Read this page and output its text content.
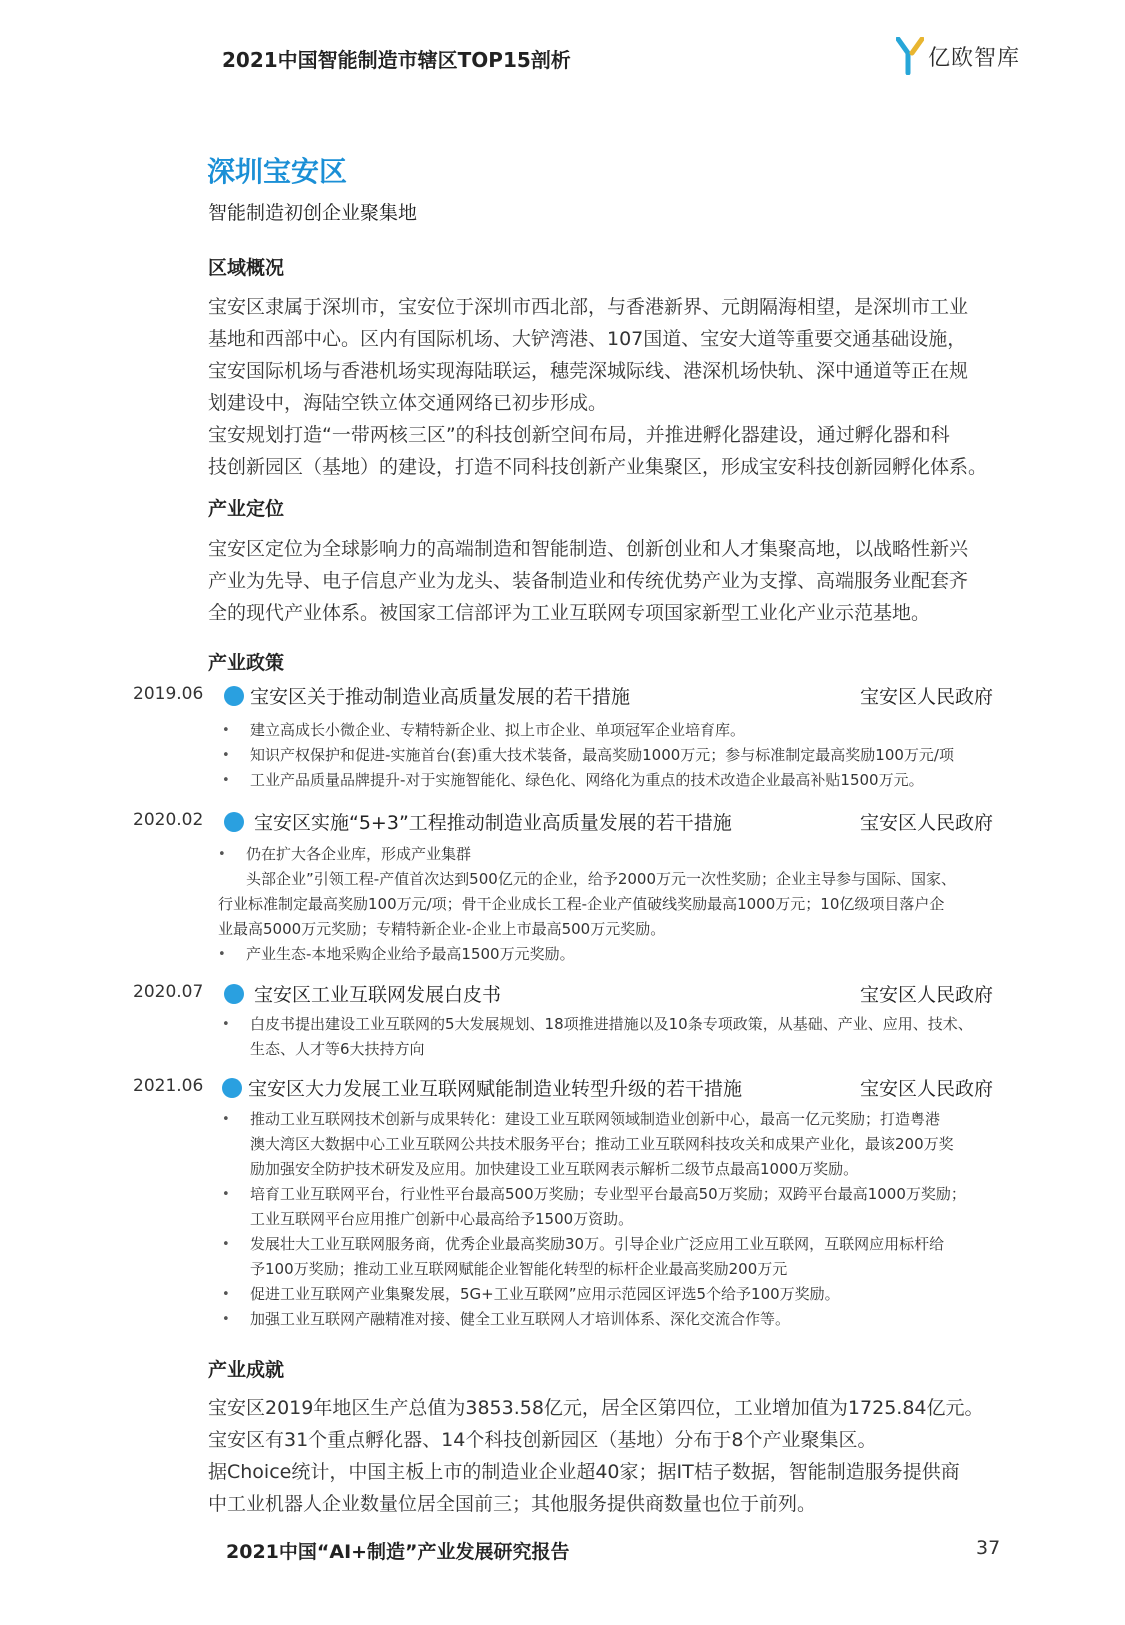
2021中国智能制造市辖区TOP15剖析	亿欧智库
深圳宝安区

智能制造初创企业聚集地

区域概况
宝安区隶属于深圳市，宝安位于深圳市西北部，与香港新界、元朗隔海相望，是深圳市工业
基地和西部中心。区内有国际机场、大铲湾港、107国道、宝安大道等重要交通基础设施，
宝安国际机场与香港机场实现海陆联运，穗莞深城际线、港深机场快轨、深中通道等正在规
划建设中，海陆空铁立体交通网络已初步形成。
宝安规划打造“一带两核三区”的科技创新空间布局，并推进孵化器建设，通过孵化器和科
技创新园区（基地）的建设，打造不同科技创新产业集聚区，形成宝安科技创新园孵化体系。
产业定位
宝安区定位为全球影响力的高端制造和智能制造、创新创业和人才集聚高地，以战略性新兴
产业为先导、电子信息产业为龙头、装备制造业和传统优势产业为支撑、高端服务业配套齐
全的现代产业体系。被国家工信部评为工业互联网专项国家新型工业化产业示范基地。
产业政策
2019.06 宝安区关于推动制造业高质量发展的若干措施	宝安区人民政府
• 建立高成长小微企业、专精特新企业、拟上市企业、单项冠军企业培育库。
• 知识产权保护和促进-实施首台(套)重大技术装备，最高奖励1000万元；参与标准制定最高奖励100万元/项
• 工业产品质量品牌提升-对于实施智能化、绿色化、网络化为重点的技术改造企业最高补贴1500万元。
2020.02	宝安区实施“5+3”工程推动制造业高质量发展的若干措施	宝安区人民政府
• 仍在扩大各企业库，形成产业集群
头部企业”引领工程-产值首次达到500亿元的企业，给予2000万元一次性奖励；企业主导参与国际、国家、
行业标准制定最高奖励100万元/项；骨干企业成长工程-企业产值破线奖励最高1000万元；10亿级项目落户企
业最高5000万元奖励；专精特新企业-企业上市最高500万元奖励。
• 产业生态-本地采购企业给予最高1500万元奖励。
2020.07	宝安区工业互联网发展白皮书	宝安区人民政府
• 白皮书提出建设工业互联网的5大发展规划、18项推进措施以及10条专项政策，从基础、产业、应用、技术、
生态、人才等6大扶持方向
2021.06 宝安区大力发展工业互联网赋能制造业转型升级的若干措施	宝安区人民政府
• 推动工业互联网技术创新与成果转化：建设工业互联网领域制造业创新中心，最高一亿元奖励；打造粤港
澳大湾区大数据中心工业互联网公共技术服务平台；推动工业互联网科技攻关和成果产业化，最该200万奖
励加强安全防护技术研发及应用。加快建设工业互联网表示解析二级节点最高1000万奖励。
• 培育工业互联网平台，行业性平台最高500万奖励；专业型平台最高50万奖励；双跨平台最高1000万奖励；
工业互联网平台应用推广创新中心最高给予1500万资助。
• 发展壮大工业互联网服务商，优秀企业最高奖励30万。引导企业广泛应用工业互联网，互联网应用标杆给
予100万奖励；推动工业互联网赋能企业智能化转型的标杆企业最高奖励200万元
• 促进工业互联网产业集聚发展，5G+工业互联网”应用示范园区评选5个给予100万奖励。
• 加强工业互联网产融精准对接、健全工业互联网人才培训体系、深化交流合作等。
产业成就
宝安区2019年地区生产总值为3853.58亿元，居全区第四位，工业增加值为1725.84亿元。
宝安区有31个重点孵化器、14个科技创新园区（基地）分布于8个产业聚集区。
据Choice统计，中国主板上市的制造业企业超40家；据IT桔子数据，智能制造服务提供商
中工业机器人企业数量位居全国前三；其他服务提供商数量也位于前列。
2021中国“AI+制造”产业发展研究报告	37
